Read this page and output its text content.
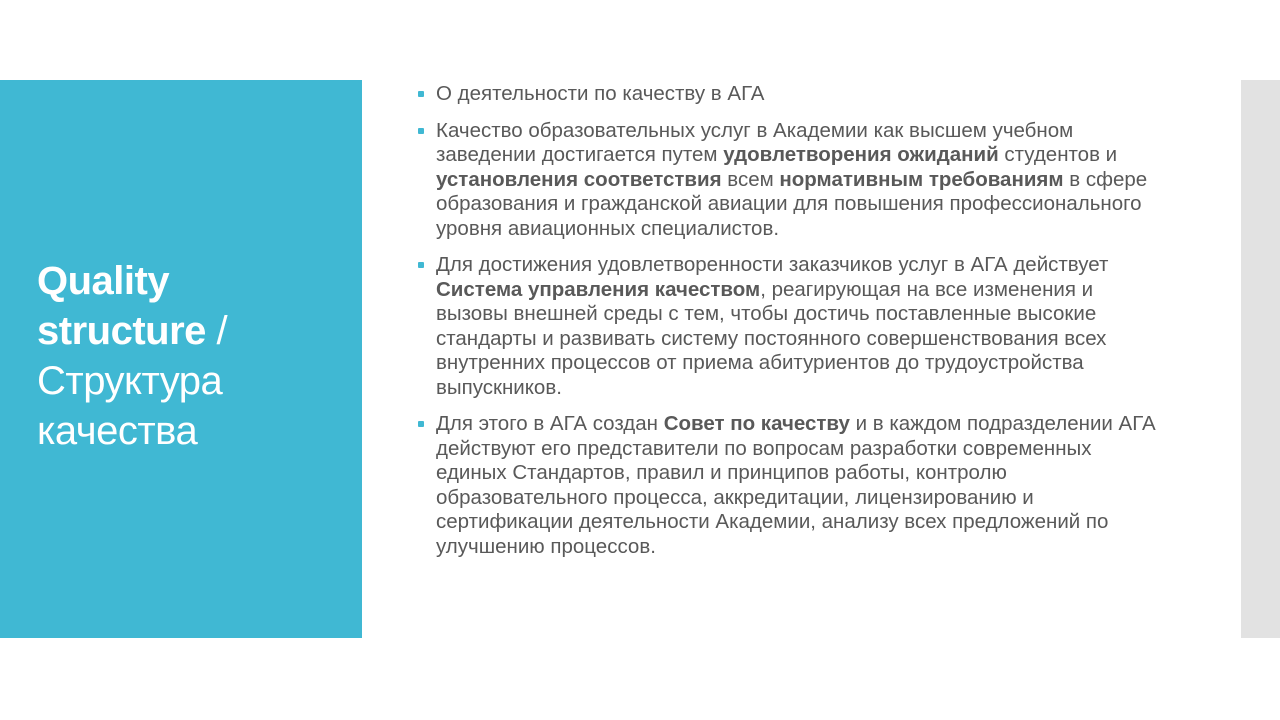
Quality
structure /
Структура
качества
О деятельности по качеству в АГА
Качество образовательных услуг в Академии как высшем учебном заведении достигается путем удовлетворения ожиданий студентов и установления соответствия всем нормативным требованиям в сфере образования и гражданской авиации для повышения профессионального уровня авиационных специалистов.
Для достижения удовлетворенности заказчиков услуг в АГА действует Система управления качеством, реагирующая на все изменения и вызовы внешней среды с тем, чтобы достичь поставленные высокие стандарты и развивать систему постоянного совершенствования всех внутренних процессов от приема абитуриентов до трудоустройства выпускников.
Для этого в АГА создан Совет по качеству и в каждом подразделении АГА действуют его представители по вопросам разработки современных единых Стандартов, правил и принципов работы, контролю образовательного процесса, аккредитации, лицензированию и сертификации деятельности Академии, анализу всех предложений по улучшению процессов.
